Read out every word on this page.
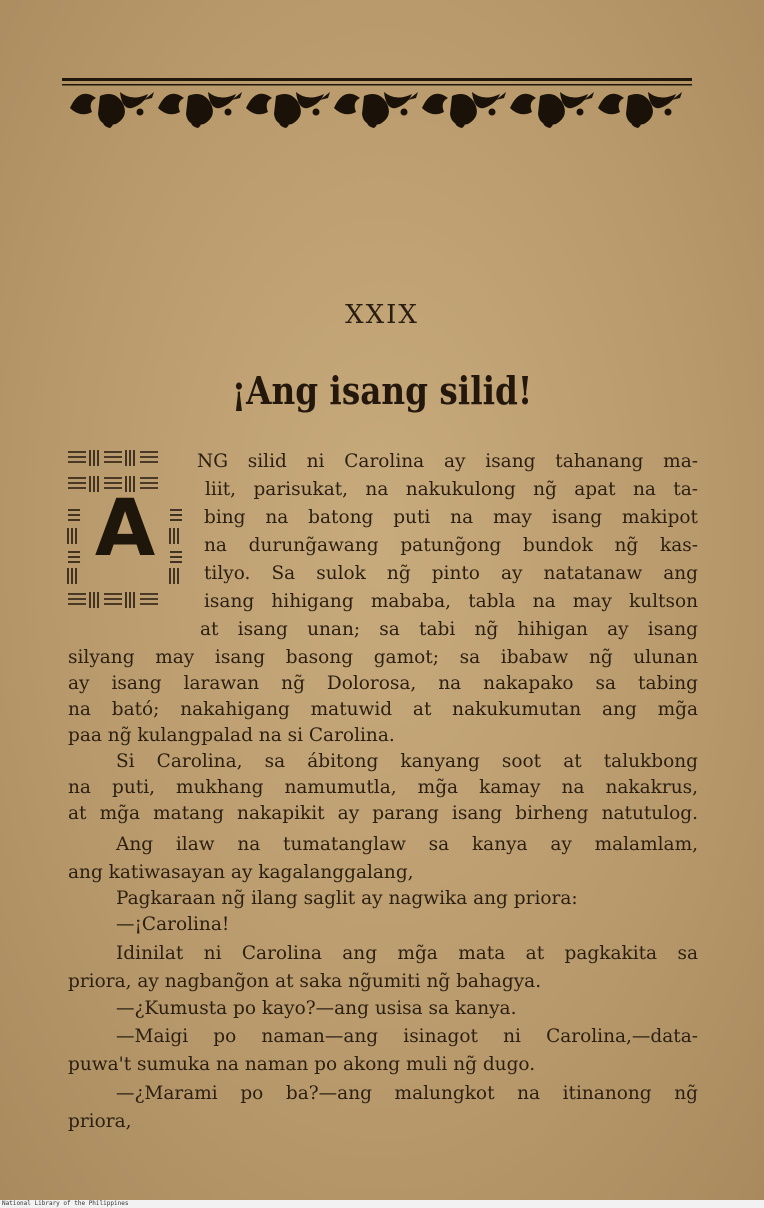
XXIX
¡Ang isang silid!
A
NG silid ni Carolina ay isang tahanang ma-
liit, parisukat, na nakukulong ng̃ apat na ta-
bing na batong puti na may isang makipot
na durung̃awang patung̃ong bundok ng̃ kas-
tilyo. Sa sulok ng̃ pinto ay natatanaw ang
isang hihigang mababa, tabla na may kultson
at isang unan; sa tabi ng̃ hihigan ay isang
silyang may isang basong gamot; sa ibabaw ng̃ ulunan
ay isang larawan ng̃ Dolorosa, na nakapako sa tabing
na bató; nakahigang matuwid at nakukumutan ang mg̃a
paa ng̃ kulangpalad na si Carolina.
Si Carolina, sa ábitong kanyang soot at talukbong
na puti, mukhang namumutla, mg̃a kamay na nakakrus,
at mg̃a matang nakapikit ay parang isang birheng natutulog.
Ang ilaw na tumatanglaw sa kanya ay malamlam,
ang katiwasayan ay kagalanggalang,
Pagkaraan ng̃ ilang saglit ay nagwika ang priora:
—¡Carolina!
Idinilat ni Carolina ang mg̃a mata at pagkakita sa
priora, ay nagbang̃on at saka ng̃umiti ng̃ bahagya.
—¿Kumusta po kayo?—ang usisa sa kanya.
—Maigi po naman—ang isinagot ni Carolina,—data-
puwa't sumuka na naman po akong muli ng̃ dugo.
—¿Marami po ba?—ang malungkot na itinanong ng̃
priora,
National Library of the Philippines
